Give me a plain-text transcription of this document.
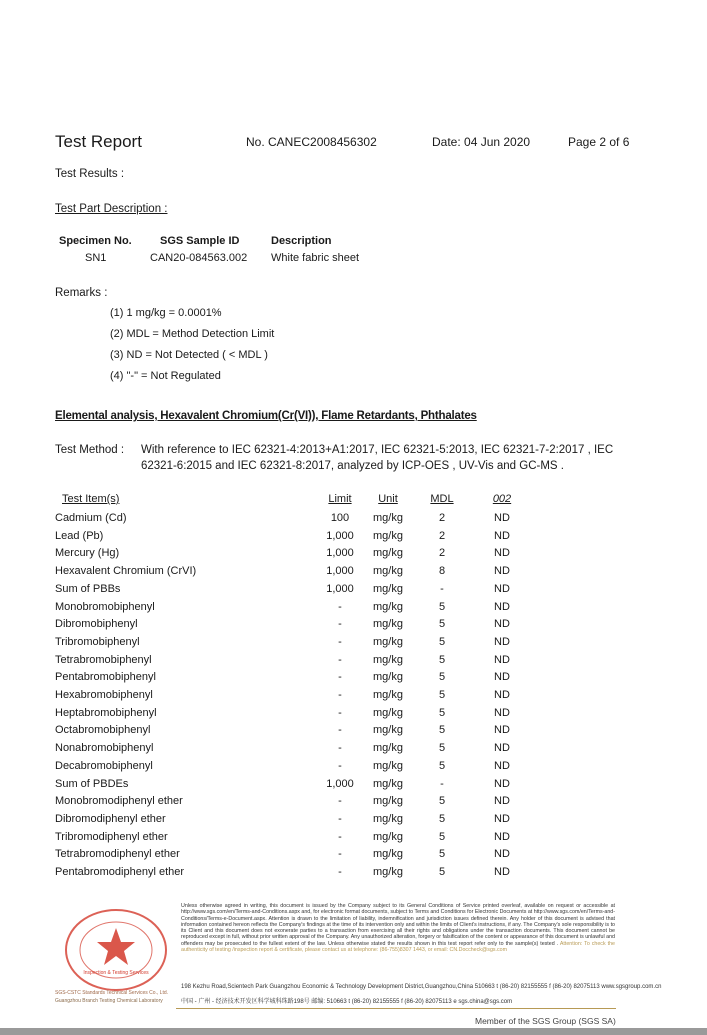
Test Report	No. CANEC2008456302	Date: 04 Jun 2020	Page 2 of 6
Test Results :
Test Part Description :
Specimen No.	SGS Sample ID	Description
SN1	CAN20-084563.002 White fabric sheet
Remarks :
(1) 1 mg/kg = 0.0001%
(2) MDL = Method Detection Limit
(3) ND = Not Detected ( < MDL )
(4) "-" = Not Regulated
Elemental analysis, Hexavalent Chromium(Cr(VI)), Flame Retardants, Phthalates
Test Method : With reference to IEC 62321-4:2013+A1:2017, IEC 62321-5:2013, IEC 62321-7-2:2017 , IEC
62321-6:2015 and IEC 62321-8:2017, analyzed by ICP-OES , UV-Vis and GC-MS .
Test Item(s)	Limit	Unit	MDL	002
Cadmium (Cd)	100	mg/kg	2	ND
Lead (Pb)	1,000	mg/kg	2	ND
Mercury (Hg)	1,000	mg/kg	2	ND
Hexavalent Chromium (CrVI)	1,000	mg/kg	8	ND
Sum of PBBs	1,000	mg/kg	-	ND
Monobromobiphenyl	-	mg/kg	5	ND
Dibromobiphenyl	-	mg/kg	5	ND
Tribromobiphenyl	-	mg/kg	5	ND
Tetrabromobiphenyl	-	mg/kg	5	ND
Pentabromobiphenyl	-	mg/kg	5	ND
Hexabromobiphenyl	-	mg/kg	5	ND
Heptabromobiphenyl	-	mg/kg	5	ND
Octabromobiphenyl	-	mg/kg	5	ND
Nonabromobiphenyl	-	mg/kg	5	ND
Decabromobiphenyl	-	mg/kg	5	ND
Sum of PBDEs	1,000	mg/kg	-	ND
Monobromodiphenyl ether	-	mg/kg	5	ND
Dibromodiphenyl ether	-	mg/kg	5	ND
Tribromodiphenyl ether	-	mg/kg	5	ND
Tetrabromodiphenyl ether	-	mg/kg	5	ND
Pentabromodiphenyl ether	-	mg/kg	5	ND
Inspection & Testing Services
SGS-CSTC Standards Technical Services Co., Ltd.
Guangzhou Branch Testing Chemical Laboratory
Unless otherwise agreed in writing, this document is issued by the Company subject to its General Conditions of Service printed overleaf, available on request or accessible at http://www.sgs.com/en/Terms-and-Conditions.aspx and, for electronic format documents, subject to Terms and Conditions for Electronic Documents at http://www.sgs.com/en/Terms-and-Conditions/Terms-e-Document.aspx. Attention is drawn to the limitation of liability, indemnification and jurisdiction issues defined therein. Any holder of this document is advised that information contained hereon reflects the Company's findings at the time of its intervention only and within the limits of Client's instructions, if any. The Company's sole responsibility is to its Client and this document does not exonerate parties to a transaction from exercising all their rights and obligations under the transaction documents. This document cannot be reproduced except in full, without prior written approval of the Company. Any unauthorized alteration, forgery or falsification of the content or appearance of this document is unlawful and offenders may be prosecuted to the fullest extent of the law. Unless otherwise stated the results shown in this test report refer only to the sample(s) tested . Attention: To check the authenticity of testing /inspection report & certificate, please contact us at telephone: (86-755)8307 1443, or email: CN.Doccheck@sgs.com
198 Kezhu Road,Scientech Park Guangzhou Economic & Technology Development District,Guangzhou,China 510663 t (86-20) 82155555 f (86-20) 82075113 www.sgsgroup.com.cn
中国 - 广州 - 经济技术开发区科学城科珠路198号 邮编: 510663 t (86-20) 82155555 f (86-20) 82075113 e sgs.china@sgs.com
Member of the SGS Group (SGS SA)
